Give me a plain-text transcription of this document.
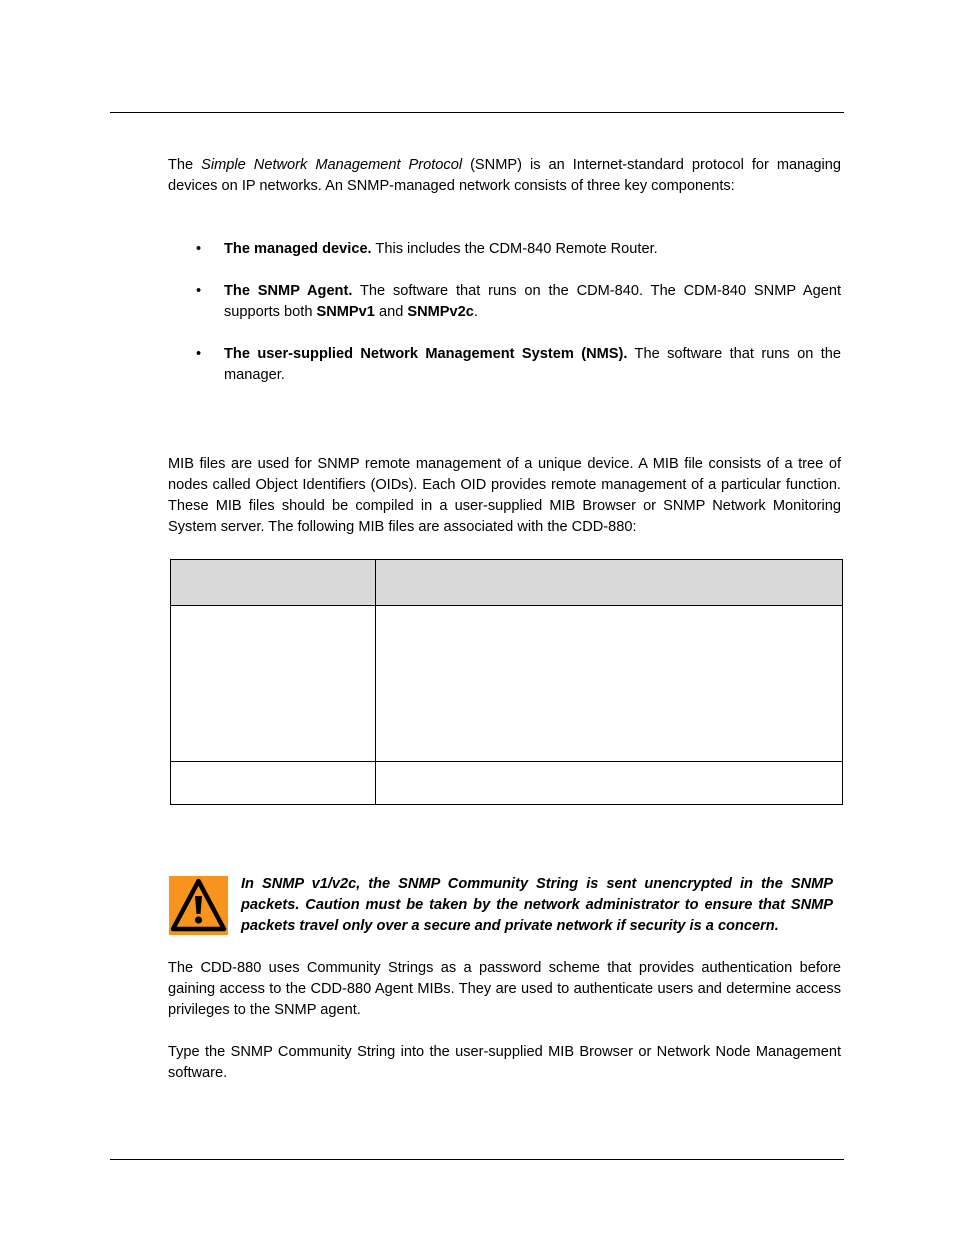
The Simple Network Management Protocol (SNMP) is an Internet-standard protocol for managing devices on IP networks. An SNMP-managed network consists of three key components:

•	The managed device. This includes the CDM-840 Remote Router.
•	The SNMP Agent. The software that runs on the CDM-840. The CDM-840 SNMP Agent supports both SNMPv1 and SNMPv2c.
•	The user-supplied Network Management System (NMS). The software that runs on the manager.

MIB files are used for SNMP remote management of a unique device. A MIB file consists of a tree of nodes called Object Identifiers (OIDs). Each OID provides remote management of a particular function. These MIB files should be compiled in a user-supplied MIB Browser or SNMP Network Monitoring System server. The following MIB files are associated with the CDD-880:

In SNMP v1/v2c, the SNMP Community String is sent unencrypted in the SNMP packets. Caution must be taken by the network administrator to ensure that SNMP packets travel only over a secure and private network if security is a concern.

The CDD-880 uses Community Strings as a password scheme that provides authentication before gaining access to the CDD-880 Agent MIBs. They are used to authenticate users and determine access privileges to the SNMP agent.

Type the SNMP Community String into the user-supplied MIB Browser or Network Node Management software.
